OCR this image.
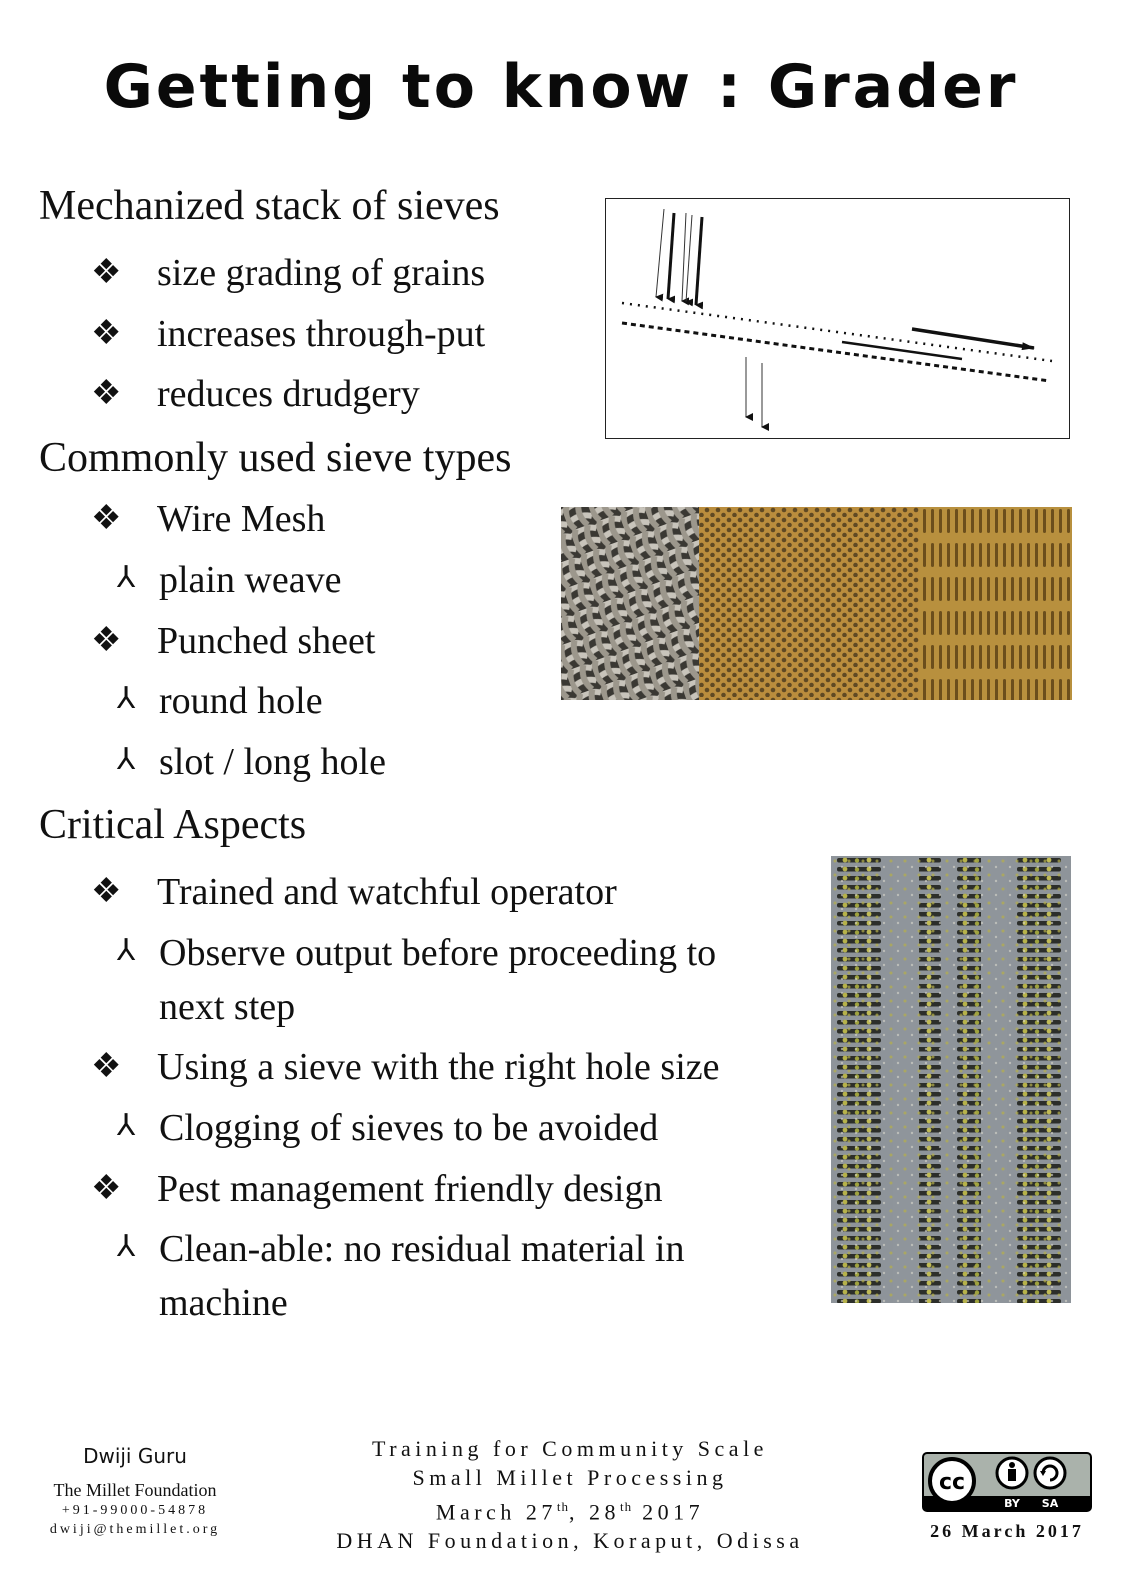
Getting to know : Grader
Mechanized stack of sieves
❖ size grading of grains
❖ increases through-put
❖ reduces drudgery
Commonly used sieve types
❖ Wire Mesh
⅄ plain weave
❖ Punched sheet
⅄ round hole
⅄ slot / long hole
Critical Aspects
❖ Trained and watchful operator
⅄ Observe output before proceeding to
next step
❖ Using a sieve with the right hole size
⅄ Clogging of sieves to be avoided
❖ Pest management friendly design
⅄ Clean-able: no residual material in
machine
Dwiji Guru
The Millet Foundation
+91-99000-54878
dwiji@themillet.org
Training for Community Scale
Small Millet Processing
March 27th, 28th 2017
DHAN Foundation, Koraput, Odissa
cc
BY SA
26 March 2017
